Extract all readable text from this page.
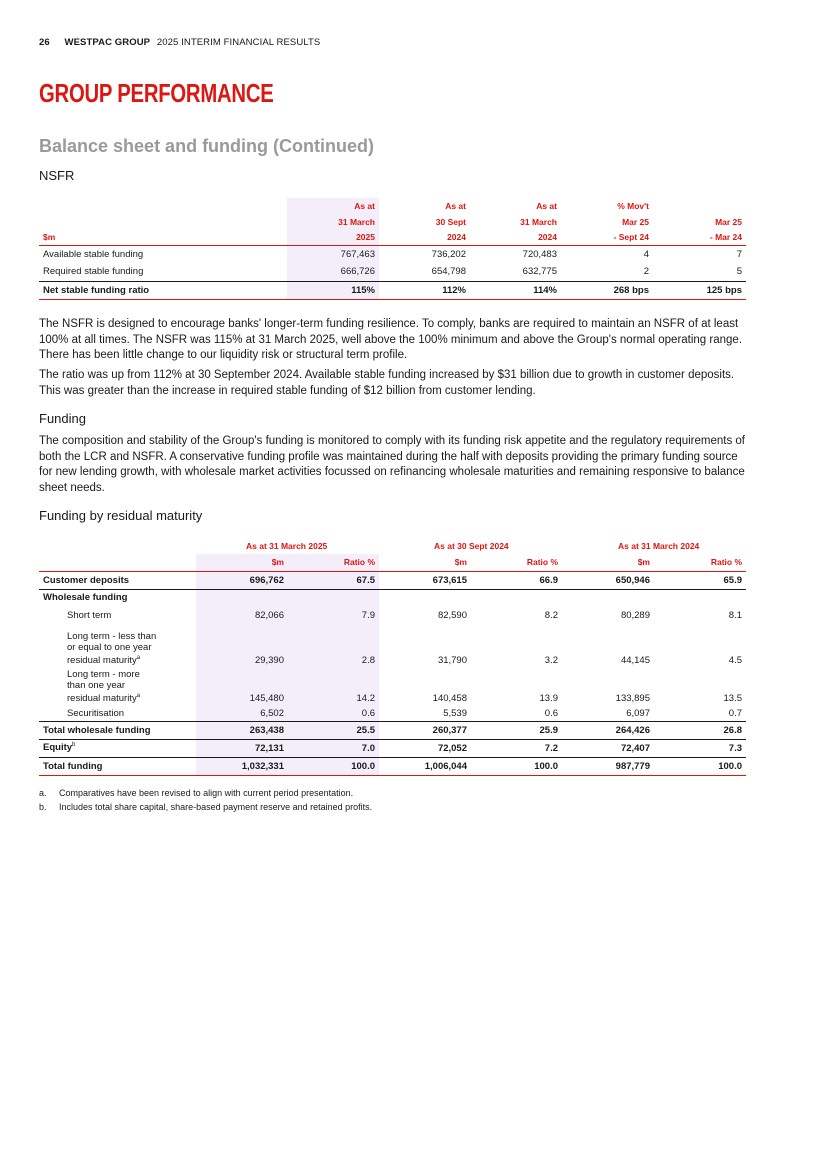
26 WESTPAC GROUP 2025 INTERIM FINANCIAL RESULTS
GROUP PERFORMANCE
Balance sheet and funding (Continued)
NSFR
	As at	As at	As at	% Mov't	
	31 March	30 Sept	31 March	Mar 25	Mar 25
$m	2025	2024	2024	- Sept 24	- Mar 24
Available stable funding	767,463	736,202	720,483	4	7
Required stable funding	666,726	654,798	632,775	2	5
Net stable funding ratio	115%	112%	114%	268 bps	125 bps
The NSFR is designed to encourage banks' longer-term funding resilience. To comply, banks are required to maintain an NSFR of at least 100% at all times. The NSFR was 115% at 31 March 2025, well above the 100% minimum and above the Group's normal operating range. There has been little change to our liquidity risk or structural term profile.
The ratio was up from 112% at 30 September 2024. Available stable funding increased by $31 billion due to growth in customer deposits. This was greater than the increase in required stable funding of $12 billion from customer lending.
Funding
The composition and stability of the Group's funding is monitored to comply with its funding risk appetite and the regulatory requirements of both the LCR and NSFR. A conservative funding profile was maintained during the half with deposits providing the primary funding source for new lending growth, with wholesale market activities focussed on refinancing wholesale maturities and remaining responsive to balance sheet needs.
Funding by residual maturity
	As at 31 March 2025		As at 30 Sept 2024		As at 31 March 2024	
	$m	Ratio %	$m	Ratio %	$m	Ratio %
Customer deposits	696,762	67.5	673,615	66.9	650,946	65.9
Wholesale funding						
Short term	82,066	7.9	82,590	8.2	80,289	8.1

Long term - less than
or equal to one year
residual maturity$^a$	29,390	2.8	31,790	3.2	44,145	4.5

Long term - more
than one year
residual maturity$^a$	145,480	14.2	140,458	13.9	133,895	13.5
Securitisation	6,502	0.6	5,539	0.6	6,097	0.7
Total wholesale funding	263,438	25.5	260,377	25.9	264,426	26.8
Equity$^b$	72,131	7.0	72,052	7.2	72,407	7.3
Total funding	1,032,331	100.0	1,006,044	100.0	987,779	100.0
a. Comparatives have been revised to align with current period presentation.
b. Includes total share capital, share-based payment reserve and retained profits.
